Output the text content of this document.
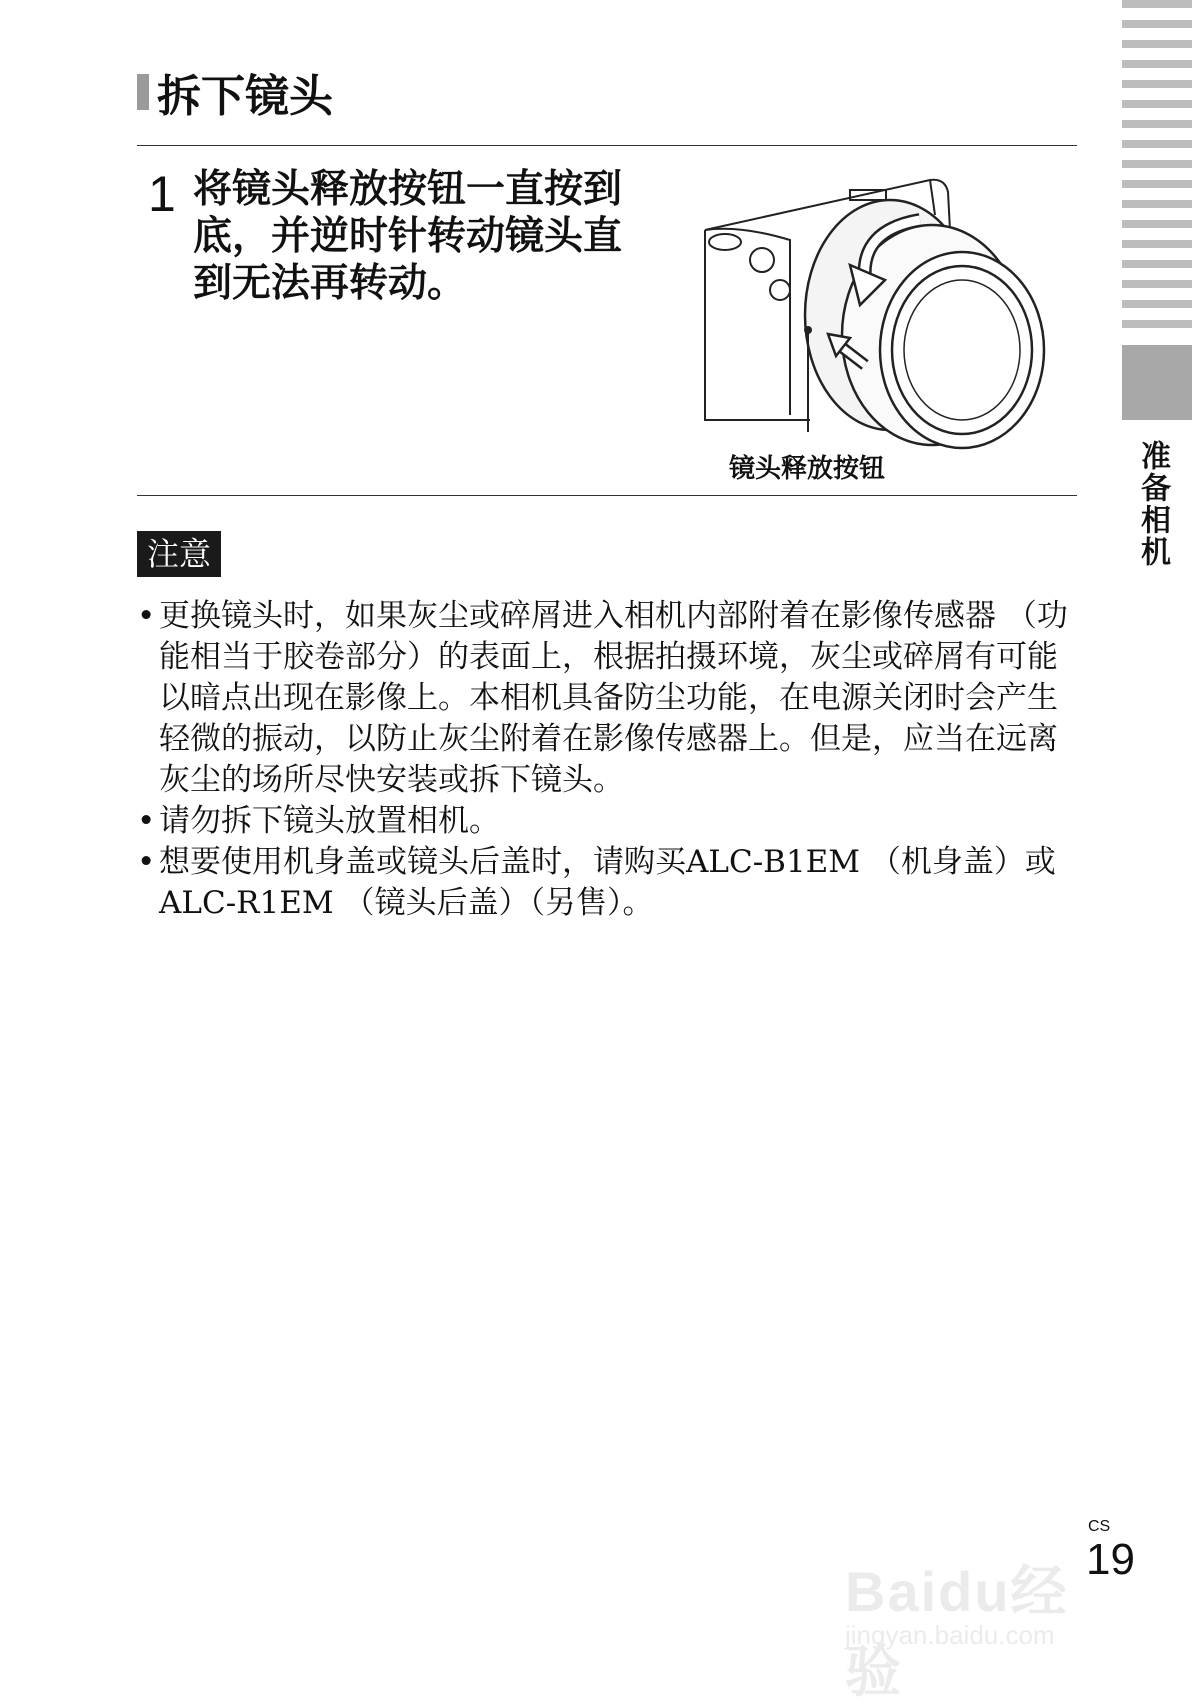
准备相机
拆下镜头
1 将镜头释放按钮一直按到底，并逆时针转动镜头直到无法再转动。
镜头释放按钮
注意
• 更换镜头时，如果灰尘或碎屑进入相机内部附着在影像传感器 （功能相当于胶卷部分）的表面上，根据拍摄环境，灰尘或碎屑有可能以暗点出现在影像上。本相机具备防尘功能，在电源关闭时会产生轻微的振动，以防止灰尘附着在影像传感器上。但是，应当在远离灰尘的场所尽快安装或拆下镜头。
• 请勿拆下镜头放置相机。
• 想要使用机身盖或镜头后盖时，请购买ALC-B1EM （机身盖）或ALC-R1EM （镜头后盖）（另售）。
Baidu经验
jingyan.baidu.com
CS
19
